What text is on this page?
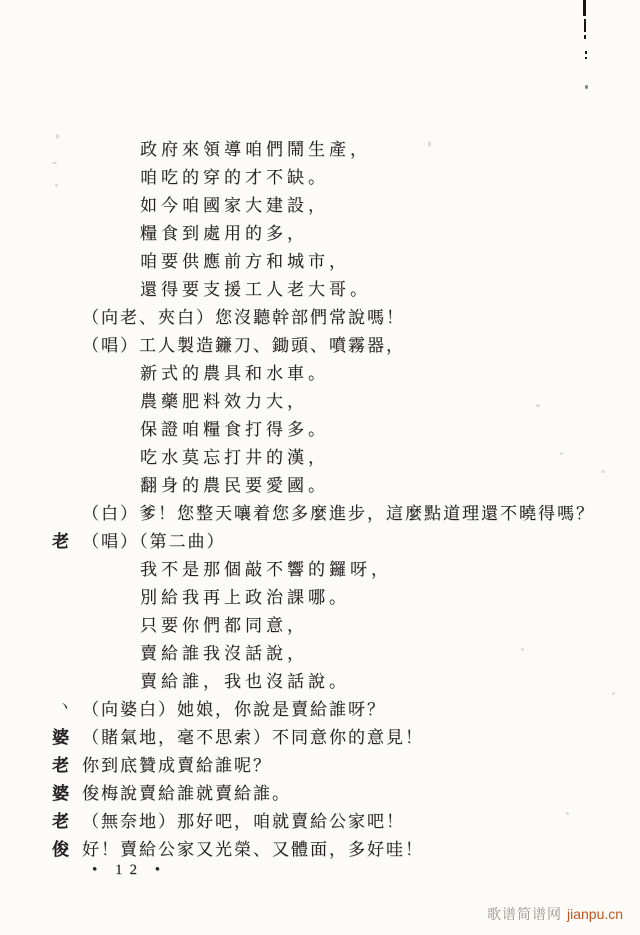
政府來領導咱們鬧生產，
咱吃的穿的才不缺。
如今咱國家大建設，
糧食到處用的多，
咱要供應前方和城市，
還得要支援工人老大哥。
（向老、夾白）您沒聽幹部們常說嗎！
（唱）工人製造鐮刀、鋤頭、噴霧器，
新式的農具和水車。
農藥肥料效力大，
保證咱糧食打得多。
吃水莫忘打井的漢，
翻身的農民要愛國。
（白）爹！您整天嚷着您多麼進步，這麼點道理還不曉得嗎？
老 （唱）（第二曲）
我不是那個敲不響的鑼呀，
別給我再上政治課哪。
只要你們都同意，
賣給誰我沒話說，
賣給誰，我也沒話說。
ヽ （向婆白）她娘，你說是賣給誰呀？
婆 （賭氣地，毫不思索）不同意你的意見！
老 你到底贊成賣給誰呢？
婆 俊梅說賣給誰就賣給誰。
老 （無奈地）那好吧，咱就賣給公家吧！
俊 好！賣給公家又光榮、又體面，多好哇！
• 12 •
歌谱简谱网 jianpu.cn
